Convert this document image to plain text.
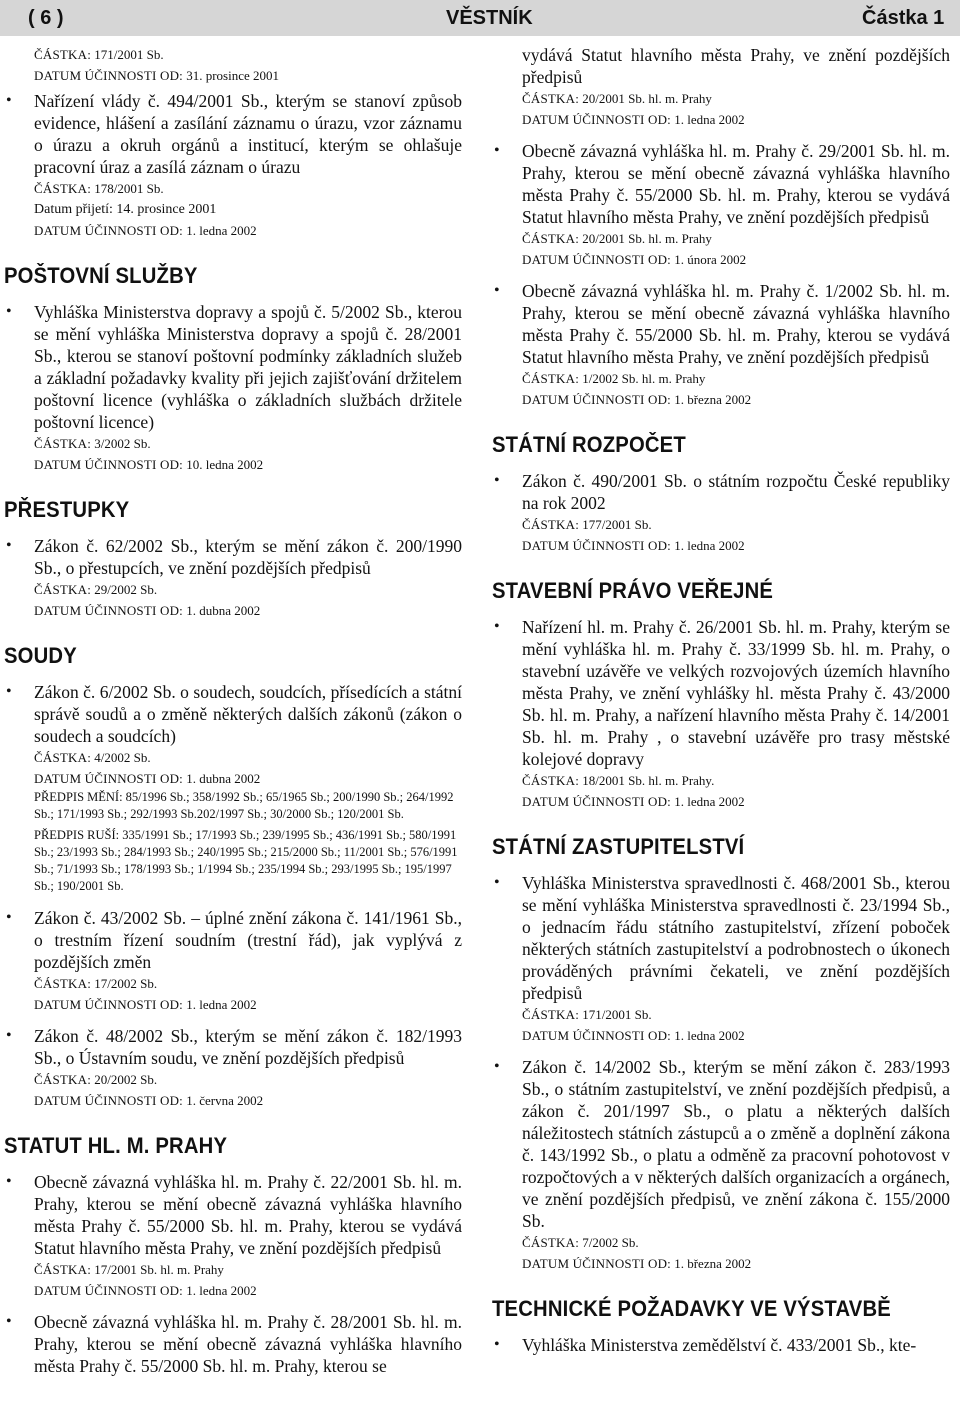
( 6 )	VĚSTNÍK	Částka 1
ČÁSTKA: 171/2001 Sb.
DATUM ÚČINNOSTI OD: 31. prosince 2001
• Nařízení vlády č. 494/2001 Sb., kterým se stanoví způsob evidence, hlášení a zasílání záznamu o úrazu, vzor záznamu o úrazu a okruh orgánů a institucí, kterým se ohlašuje pracovní úraz a zasílá záznam o úrazu
ČÁSTKA: 178/2001 Sb.
Datum přijetí: 14. prosince 2001
DATUM ÚČINNOSTI OD: 1. ledna 2002
POŠTOVNÍ SLUŽBY
• Vyhláška Ministerstva dopravy a spojů č. 5/2002 Sb., kterou se mění vyhláška Ministerstva dopravy a spojů č. 28/2001 Sb., kterou se stanoví poštovní podmínky základních služeb a základní požadavky kvality při jejich zajišťování držitelem poštovní licence (vyhláška o základních službách držitele poštovní licence)
ČÁSTKA: 3/2002 Sb.
DATUM ÚČINNOSTI OD: 10. ledna 2002
PŘESTUPKY
• Zákon č. 62/2002 Sb., kterým se mění zákon č. 200/1990 Sb., o přestupcích, ve znění pozdějších předpisů
ČÁSTKA: 29/2002 Sb.
DATUM ÚČINNOSTI OD: 1. dubna 2002
SOUDY
• Zákon č. 6/2002 Sb. o soudech, soudcích, přísedících a státní správě soudů a o změně některých dalších zákonů (zákon o soudech a soudcích)
ČÁSTKA: 4/2002 Sb.
DATUM ÚČINNOSTI OD: 1. dubna 2002
PŘEDPIS MĚNÍ: 85/1996 Sb.; 358/1992 Sb.; 65/1965 Sb.; 200/1990 Sb.; 264/1992 Sb.; 171/1993 Sb.; 292/1993 Sb.202/1997 Sb.; 30/2000 Sb.; 120/2001 Sb.
PŘEDPIS RUŠÍ: 335/1991 Sb.; 17/1993 Sb.; 239/1995 Sb.; 436/1991 Sb.; 580/1991 Sb.; 23/1993 Sb.; 284/1993 Sb.; 240/1995 Sb.; 215/2000 Sb.; 11/2001 Sb.; 576/1991 Sb.; 71/1993 Sb.; 178/1993 Sb.; 1/1994 Sb.; 235/1994 Sb.; 293/1995 Sb.; 195/1997 Sb.; 190/2001 Sb.
• Zákon č. 43/2002 Sb. – úplné znění zákona č. 141/1961 Sb., o trestním řízení soudním (trestní řád), jak vyplývá z pozdějších změn
ČÁSTKA: 17/2002 Sb.
DATUM ÚČINNOSTI OD: 1. ledna 2002
• Zákon č. 48/2002 Sb., kterým se mění zákon č. 182/1993 Sb., o Ústavním soudu, ve znění pozdějších předpisů
ČÁSTKA: 20/2002 Sb.
DATUM ÚČINNOSTI OD: 1. června 2002
STATUT HL. M. PRAHY
• Obecně závazná vyhláška hl. m. Prahy č. 22/2001 Sb. hl. m. Prahy, kterou se mění obecně závazná vyhláška hlavního města Prahy č. 55/2000 Sb. hl. m. Prahy, kterou se vydává Statut hlavního města Prahy, ve znění pozdějších předpisů
ČÁSTKA: 17/2001 Sb. hl. m. Prahy
DATUM ÚČINNOSTI OD: 1. ledna 2002
• Obecně závazná vyhláška hl. m. Prahy č. 28/2001 Sb. hl. m. Prahy, kterou se mění obecně závazná vyhláška hlavního města Prahy č. 55/2000 Sb. hl. m. Prahy, kterou se
vydává Statut hlavního města Prahy, ve znění pozdějších předpisů
ČÁSTKA: 20/2001 Sb. hl. m. Prahy
DATUM ÚČINNOSTI OD: 1. ledna 2002
• Obecně závazná vyhláška hl. m. Prahy č. 29/2001 Sb. hl. m. Prahy, kterou se mění obecně závazná vyhláška hlavního města Prahy č. 55/2000 Sb. hl. m. Prahy, kterou se vydává Statut hlavního města Prahy, ve znění pozdějších předpisů
ČÁSTKA: 20/2001 Sb. hl. m. Prahy
DATUM ÚČINNOSTI OD: 1. února 2002
• Obecně závazná vyhláška hl. m. Prahy č. 1/2002 Sb. hl. m. Prahy, kterou se mění obecně závazná vyhláška hlavního města Prahy č. 55/2000 Sb. hl. m. Prahy, kterou se vydává Statut hlavního města Prahy, ve znění pozdějších předpisů
ČÁSTKA: 1/2002 Sb. hl. m. Prahy
DATUM ÚČINNOSTI OD: 1. března 2002
STÁTNÍ ROZPOČET
• Zákon č. 490/2001 Sb. o státním rozpočtu České republiky na rok 2002
ČÁSTKA: 177/2001 Sb.
DATUM ÚČINNOSTI OD: 1. ledna 2002
STAVEBNÍ PRÁVO VEŘEJNÉ
• Nařízení hl. m. Prahy č. 26/2001 Sb. hl. m. Prahy, kterým se mění vyhláška hl. m. Prahy č. 33/1999 Sb. hl. m. Prahy, o stavební uzávěře ve velkých rozvojových územích hlavního města Prahy, ve znění vyhlášky hl. města Prahy č. 43/2000 Sb. hl. m. Prahy, a nařízení hlavního města Prahy č. 14/2001 Sb. hl. m. Prahy , o stavební uzávěře pro trasy městské kolejové dopravy
ČÁSTKA: 18/2001 Sb. hl. m. Prahy.
DATUM ÚČINNOSTI OD: 1. ledna 2002
STÁTNÍ ZASTUPITELSTVÍ
• Vyhláška Ministerstva spravedlnosti č. 468/2001 Sb., kterou se mění vyhláška Ministerstva spravedlnosti č. 23/1994 Sb., o jednacím řádu státního zastupitelství, zřízení poboček některých státních zastupitelství a podrobnostech o úkonech prováděných právními čekateli, ve znění pozdějších předpisů
ČÁSTKA: 171/2001 Sb.
DATUM ÚČINNOSTI OD: 1. ledna 2002
• Zákon č. 14/2002 Sb., kterým se mění zákon č. 283/1993 Sb., o státním zastupitelství, ve znění pozdějších předpisů, a zákon č. 201/1997 Sb., o platu a některých dalších náležitostech státních zástupců a o změně a doplnění zákona č. 143/1992 Sb., o platu a odměně za pracovní pohotovost v rozpočtových a v některých dalších organizacích a orgánech, ve znění pozdějších předpisů, ve znění zákona č. 155/2000 Sb.
ČÁSTKA: 7/2002 Sb.
DATUM ÚČINNOSTI OD: 1. března 2002
TECHNICKÉ POŽADAVKY VE VÝSTAVBĚ
• Vyhláška Ministerstva zemědělství č. 433/2001 Sb., kte-
